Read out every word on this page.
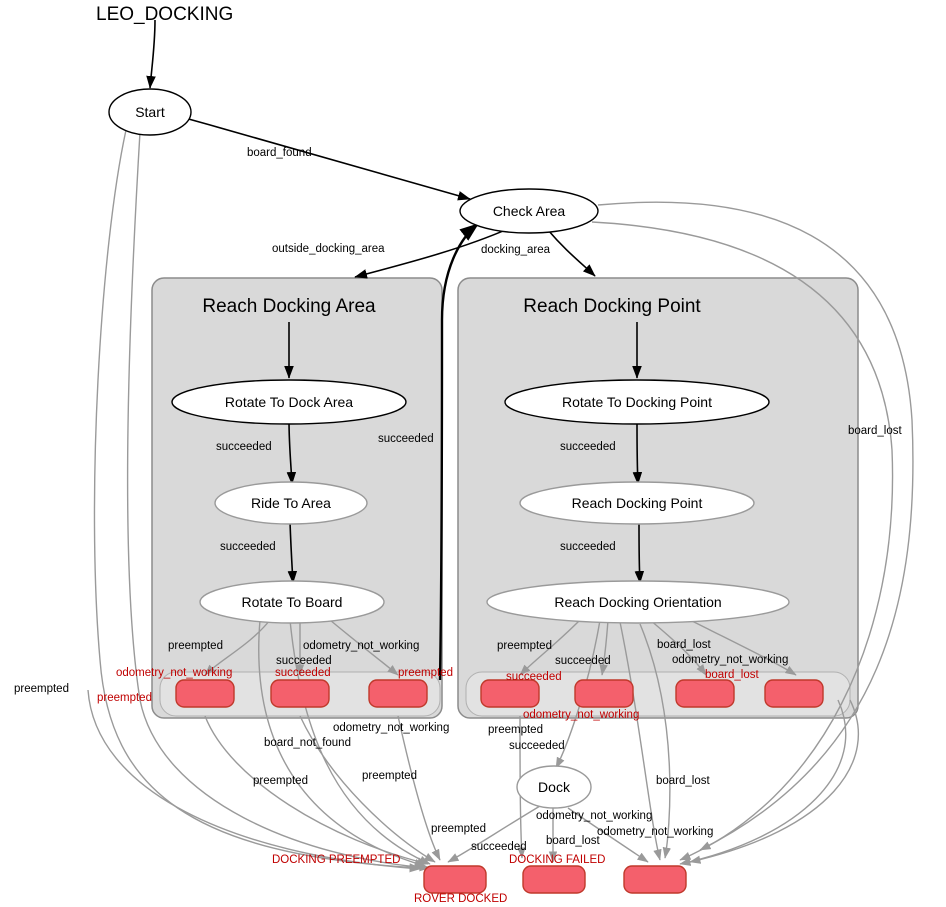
Start
Check Area
Rotate To Dock Area
Ride To Area
Rotate To Board
Rotate To Docking Point
Reach Docking Point
Reach Docking Orientation
Dock
LEO_DOCKING
Reach Docking Area	Reach Docking Point
board_found
outside_docking_area	docking_area
succeeded
succeeded
succeeded
succeeded
succeeded
board_lost
preempted	odometry_not_working
succeeded
odometry_not_working	succeeded	preempted
preempted
preempted	board_lost
succeeded	odometry_not_working
succeeded	board_lost
odometry_not_working
preempted
odometry_not_working
board_not_found
preempted
succeeded
preempted	preempted	board_lost
odometry_not_working
odometry_not_working
preempted
board_lost
succeeded
DOCKING PREEMPTED	DOCKING FAILED
ROVER DOCKED
